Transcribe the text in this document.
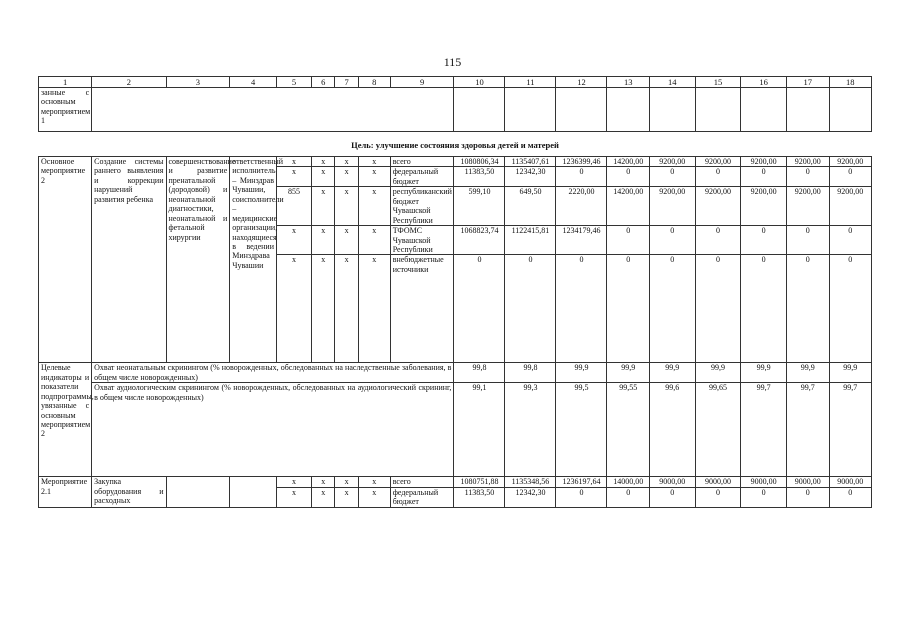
115
1	2	3	4	5	6	7	8	9	10	11	12	13	14	15	16	17	18
занные с основным мероприятием 1																	
Цель: улучшение состояния здоровья детей и матерей																	
Основное мероприятие 2	Создание системы раннего выявления и коррекции нарушений развития ребенка	совершенствование и развитие пренатальной (дородовой) и неонатальной диагностики, неонатальной и фетальной хирургии	ответственный исполнитель – Минздрав Чувашии, соисполнители – медицинские организации, находящиеся в ведении Минздрава Чувашии	x	x	x	x	всего	1080806,34	1135407,61	1236399,46	14200,00	9200,00	9200,00	9200,00	9200,00	9200,00
				x	x	x	x	федеральный бюджет	11383,50	12342,30	0	0	0	0	0	0	0
				855	x	x	x	республиканский бюджет Чувашской Республики	599,10	649,50	2220,00	14200,00	9200,00	9200,00	9200,00	9200,00	9200,00
				x	x	x	x	ТФОМС Чувашской Республики	1068823,74	1122415,81	1234179,46	0	0	0	0	0	0
				x	x	x	x	внебюджетные источники	0	0	0	0	0	0	0	0	0
Целевые индикаторы и показатели подпрограммы, увязанные с основным мероприятием 2	Охват неонатальным скринингом (% новорожденных, обследованных на наследственные заболевания, в общем числе новорожденных)								99,8	99,8	99,9	99,9	99,9	99,9	99,9	99,9	99,9
	Охват аудиологическим скринингом (% новорожденных, обследованных на аудиологический скрининг, в общем числе новорожденных)								99,1	99,3	99,5	99,55	99,6	99,65	99,7	99,7	99,7
Мероприятие 2.1	Закупка оборудования и расходных			x	x	x	x	всего	1080751,88	1135348,56	1236197,64	14000,00	9000,00	9000,00	9000,00	9000,00	9000,00
				x	x	x	x	федеральный бюджет	11383,50	12342,30	0	0	0	0	0	0	0
